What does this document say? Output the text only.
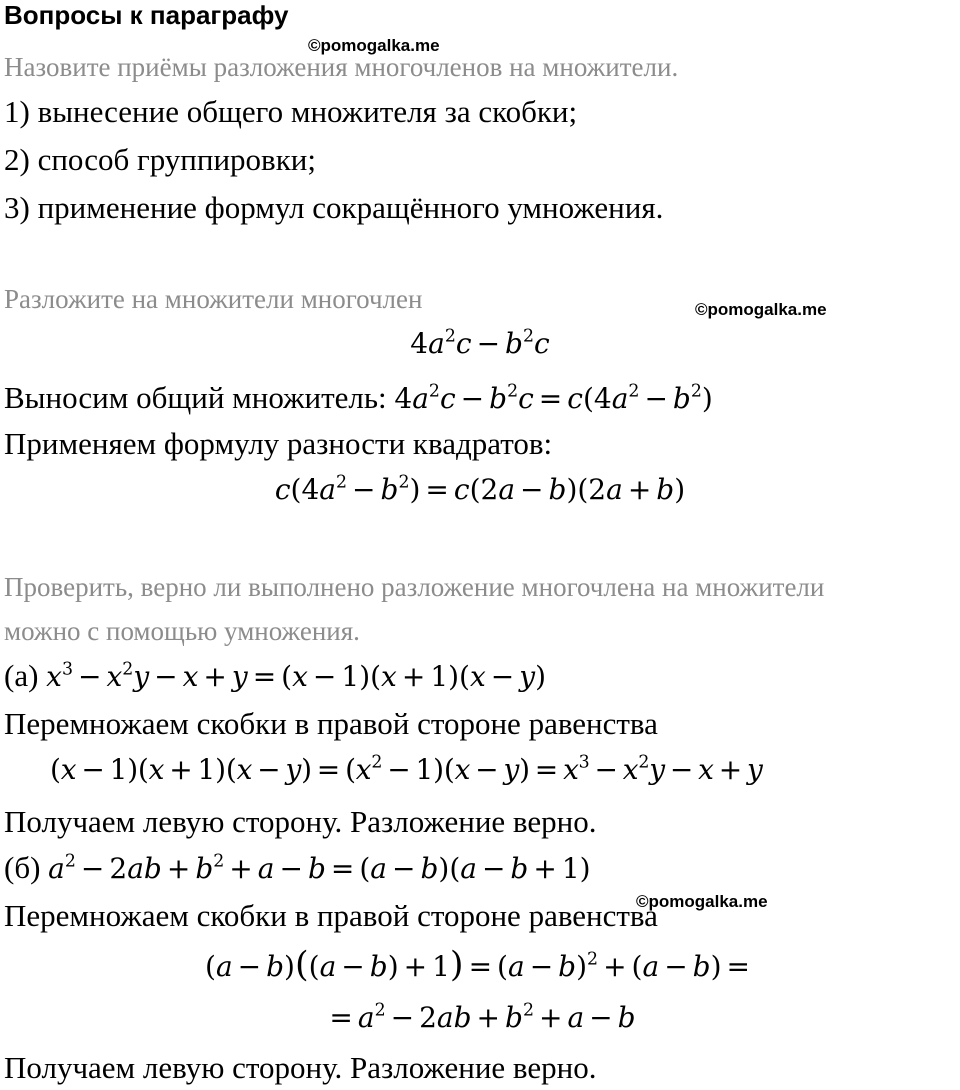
Вопросы к параграфу
©pomogalka.me
Назовите приёмы разложения многочленов на множители.
1) вынесение общего множителя за скобки;
2) способ группировки;
3) применение формул сокращённого умножения.
Разложите на множители многочлен	©pomogalka.me
$4a^2c - b^2c$
Выносим общий множитель: $4a^2c - b^2c = c(4a^2 - b^2)$
Применяем формулу разности квадратов:
$c(4a^2 - b^2) = c(2a - b)(2a + b)$
Проверить, верно ли выполнено разложение многочлена на множители
можно с помощью умножения.
(а) $x^3 - x^2y - x + y = (x - 1)(x + 1)(x - y)$
Перемножаем скобки в правой стороне равенства
$(x - 1)(x + 1)(x - y) = (x^2 - 1)(x - y) = x^3 - x^2y - x + y$
Получаем левую сторону. Разложение верно.
(б) $a^2 - 2ab + b^2 + a - b = (a - b)(a - b + 1)$
©pomogalka.me
Перемножаем скобки в правой стороне равенства
$(a - b)((a - b) + 1) = (a - b)^2 + (a - b)$ =
= $a^2 - 2ab + b^2 + a - b$
Получаем левую сторону. Разложение верно.
